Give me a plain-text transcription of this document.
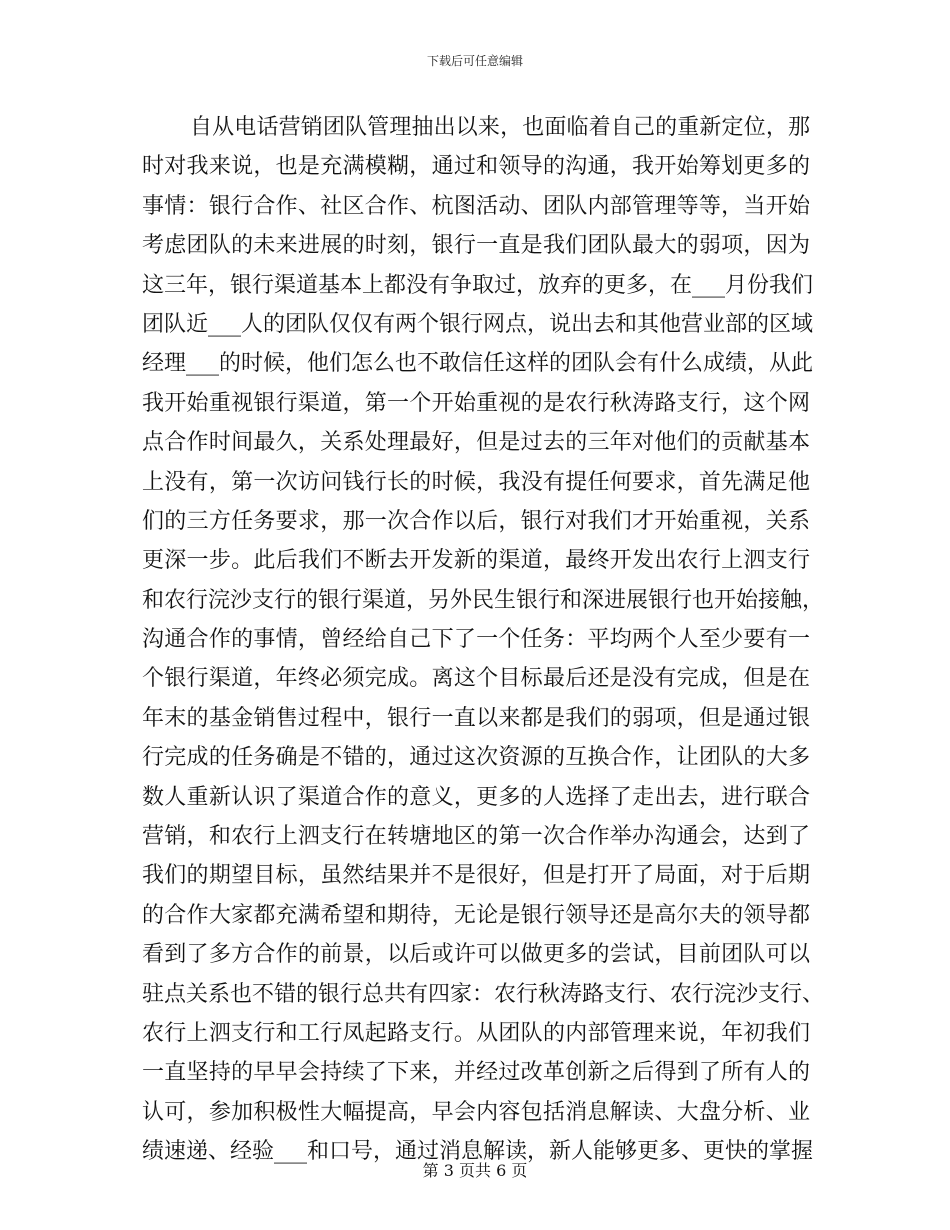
下载后可任意编辑
自从电话营销团队管理抽出以来，也面临着自己的重新定位，那
时对我来说，也是充满模糊，通过和领导的沟通，我开始筹划更多的
事情：银行合作、社区合作、杭图活动、团队内部管理等等，当开始
考虑团队的未来进展的时刻，银行一直是我们团队最大的弱项，因为
这三年，银行渠道基本上都没有争取过，放弃的更多，在___月份我们
团队近___人的团队仅仅有两个银行网点，说出去和其他营业部的区域
经理___的时候，他们怎么也不敢信任这样的团队会有什么成绩，从此
我开始重视银行渠道，第一个开始重视的是农行秋涛路支行，这个网
点合作时间最久，关系处理最好，但是过去的三年对他们的贡献基本
上没有，第一次访问钱行长的时候，我没有提任何要求，首先满足他
们的三方任务要求，那一次合作以后，银行对我们才开始重视，关系
更深一步。此后我们不断去开发新的渠道，最终开发出农行上泗支行
和农行浣沙支行的银行渠道，另外民生银行和深进展银行也开始接触，
沟通合作的事情，曾经给自己下了一个任务：平均两个人至少要有一
个银行渠道，年终必须完成。离这个目标最后还是没有完成，但是在
年末的基金销售过程中，银行一直以来都是我们的弱项，但是通过银
行完成的任务确是不错的，通过这次资源的互换合作，让团队的大多
数人重新认识了渠道合作的意义，更多的人选择了走出去，进行联合
营销，和农行上泗支行在转塘地区的第一次合作举办沟通会，达到了
我们的期望目标，虽然结果并不是很好，但是打开了局面，对于后期
的合作大家都充满希望和期待，无论是银行领导还是高尔夫的领导都
看到了多方合作的前景，以后或许可以做更多的尝试，目前团队可以
驻点关系也不错的银行总共有四家：农行秋涛路支行、农行浣沙支行、
农行上泗支行和工行凤起路支行。从团队的内部管理来说，年初我们
一直坚持的早早会持续了下来，并经过改革创新之后得到了所有人的
认可，参加积极性大幅提高，早会内容包括消息解读、大盘分析、业
绩速递、经验___和口号，通过消息解读，新人能够更多、更快的掌握
第 3 页共 6 页
